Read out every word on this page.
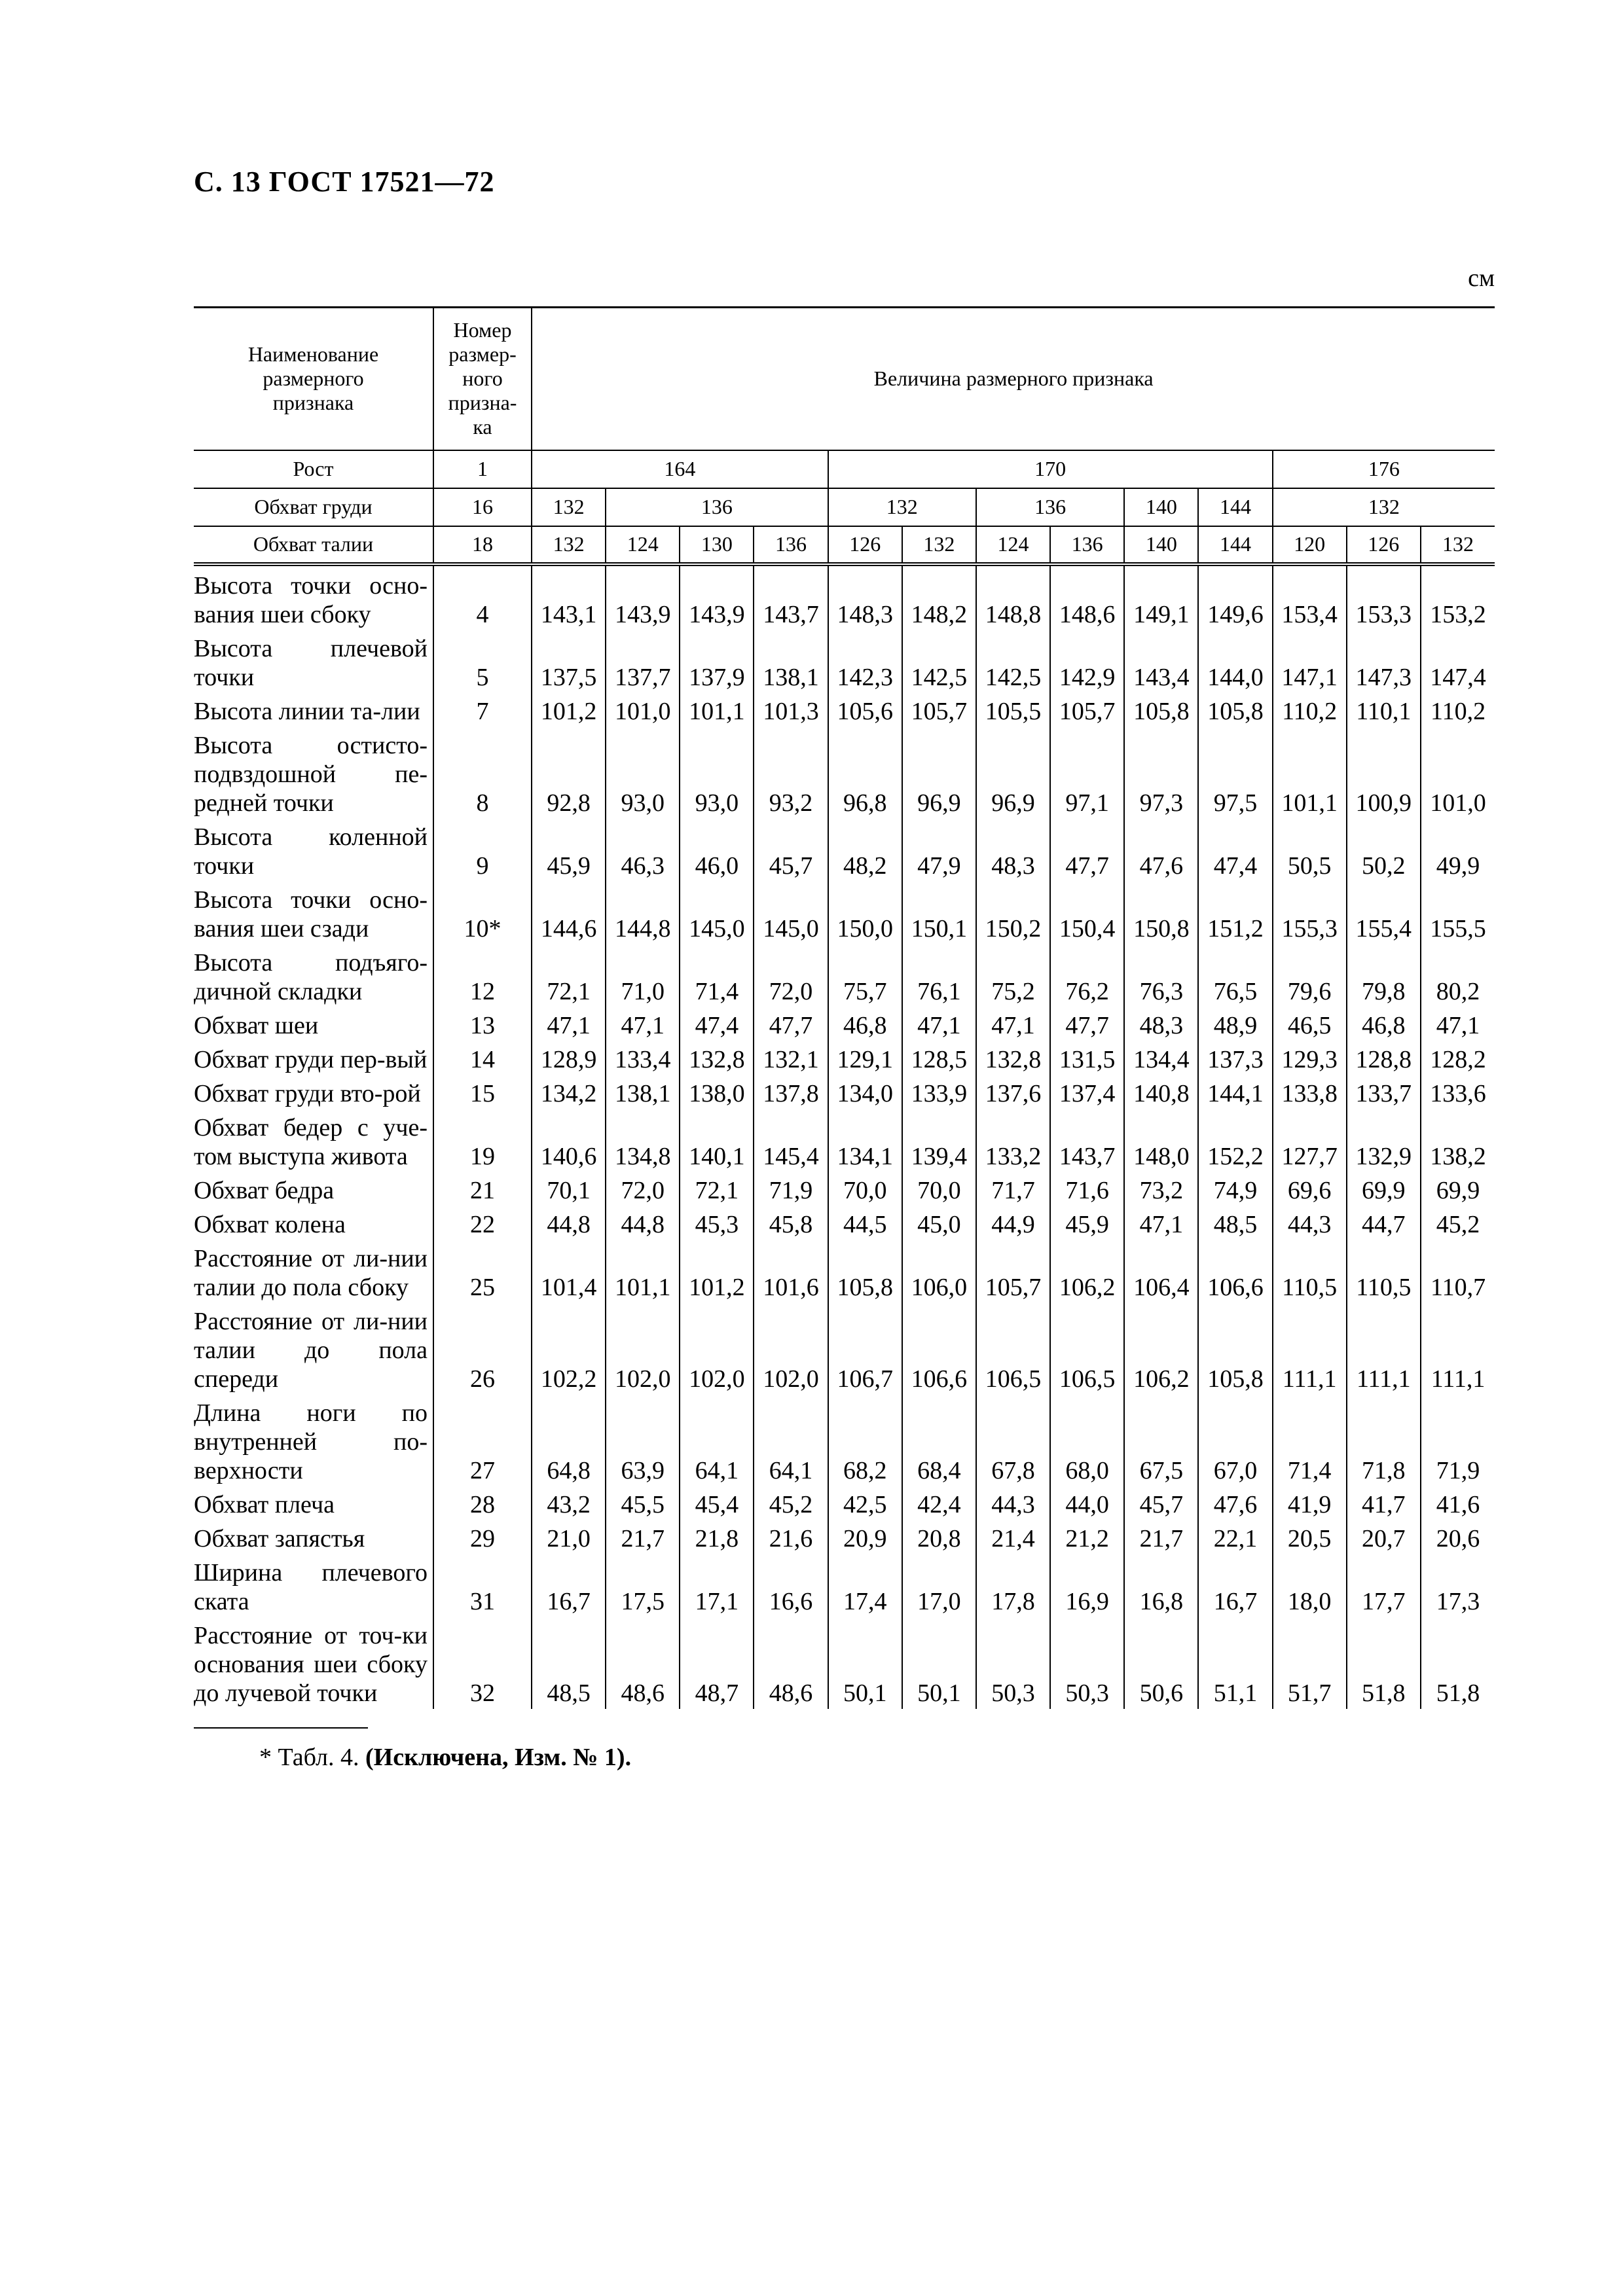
С. 13 ГОСТ 17521—72
см
Наименование размерного признака	Номер размер-ного призна-ка	Величина размерного признака												
Рост	1	164				170						176		
Обхват груди	16	132	136			132		136		140	144	132		
Обхват талии	18	132	124	130	136	126	132	124	136	140	144	120	126	132
Высота точки осно-вания шеи сбоку	4	143,1	143,9	143,9	143,7	148,3	148,2	148,8	148,6	149,1	149,6	153,4	153,3	153,2
Высота плечевой точки	5	137,5	137,7	137,9	138,1	142,3	142,5	142,5	142,9	143,4	144,0	147,1	147,3	147,4
Высота линии та-лии	7	101,2	101,0	101,1	101,3	105,6	105,7	105,5	105,7	105,8	105,8	110,2	110,1	110,2
Высота остисто-подвздошной пе-редней точки	8	92,8	93,0	93,0	93,2	96,8	96,9	96,9	97,1	97,3	97,5	101,1	100,9	101,0
Высота коленной точки	9	45,9	46,3	46,0	45,7	48,2	47,9	48,3	47,7	47,6	47,4	50,5	50,2	49,9
Высота точки осно-вания шеи сзади	10*	144,6	144,8	145,0	145,0	150,0	150,1	150,2	150,4	150,8	151,2	155,3	155,4	155,5
Высота подъяго-дичной складки	12	72,1	71,0	71,4	72,0	75,7	76,1	75,2	76,2	76,3	76,5	79,6	79,8	80,2
Обхват шеи	13	47,1	47,1	47,4	47,7	46,8	47,1	47,1	47,7	48,3	48,9	46,5	46,8	47,1
Обхват груди пер-вый	14	128,9	133,4	132,8	132,1	129,1	128,5	132,8	131,5	134,4	137,3	129,3	128,8	128,2
Обхват груди вто-рой	15	134,2	138,1	138,0	137,8	134,0	133,9	137,6	137,4	140,8	144,1	133,8	133,7	133,6
Обхват бедер с уче-том выступа живота	19	140,6	134,8	140,1	145,4	134,1	139,4	133,2	143,7	148,0	152,2	127,7	132,9	138,2
Обхват бедра	21	70,1	72,0	72,1	71,9	70,0	70,0	71,7	71,6	73,2	74,9	69,6	69,9	69,9
Обхват колена	22	44,8	44,8	45,3	45,8	44,5	45,0	44,9	45,9	47,1	48,5	44,3	44,7	45,2
Расстояние от ли-нии талии до пола сбоку	25	101,4	101,1	101,2	101,6	105,8	106,0	105,7	106,2	106,4	106,6	110,5	110,5	110,7
Расстояние от ли-нии талии до пола спереди	26	102,2	102,0	102,0	102,0	106,7	106,6	106,5	106,5	106,2	105,8	111,1	111,1	111,1
Длина ноги по внутренней по-верхности	27	64,8	63,9	64,1	64,1	68,2	68,4	67,8	68,0	67,5	67,0	71,4	71,8	71,9
Обхват плеча	28	43,2	45,5	45,4	45,2	42,5	42,4	44,3	44,0	45,7	47,6	41,9	41,7	41,6
Обхват запястья	29	21,0	21,7	21,8	21,6	20,9	20,8	21,4	21,2	21,7	22,1	20,5	20,7	20,6
Ширина плечевого ската	31	16,7	17,5	17,1	16,6	17,4	17,0	17,8	16,9	16,8	16,7	18,0	17,7	17,3
Расстояние от точ-ки основания шеи сбоку до лучевой точки	32	48,5	48,6	48,7	48,6	50,1	50,1	50,3	50,3	50,6	51,1	51,7	51,8	51,8
* Табл. 4. (Исключена, Изм. № 1).
